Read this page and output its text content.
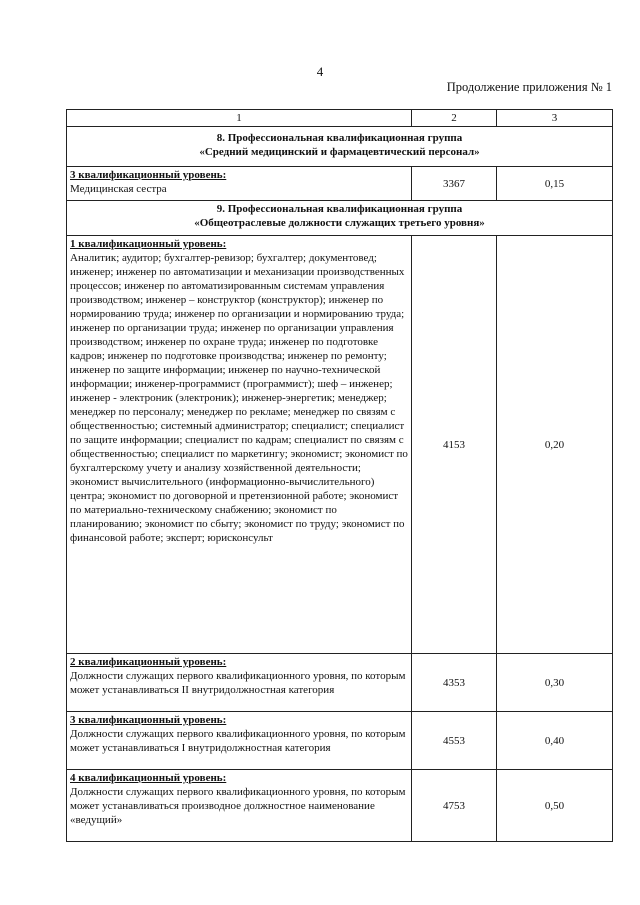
4
Продолжение приложения № 1
1	2	3

8. Профессиональная квалификационная группа
«Средний медицинский и фармацевтический персонал»		

3 квалификационный уровень:
Медицинская сестра	3367	0,15

9. Профессиональная квалификационная группа
«Общеотраслевые должности служащих третьего уровня»		

1 квалификационный уровень:
Аналитик; аудитор; бухгалтер-ревизор; бухгалтер; документовед; инженер; инженер по автоматизации и механизации производственных процессов; инженер по автоматизированным системам управления производством; инженер – конструктор (конструктор); инженер по нормированию труда; инженер по организации и нормированию труда; инженер по организации труда; инженер по организации управления производством; инженер по охране труда; инженер по подготовке кадров; инженер по подготовке производства; инженер по ремонту; инженер по защите информации; инженер по научно-технической информации; инженер-программист (программист); шеф – инженер; инженер - электроник (электроник); инженер-энергетик; менеджер; менеджер по персоналу; менеджер по рекламе; менеджер по связям с общественностью; системный администратор; специалист; специалист по защите информации; специалист по кадрам; специалист по связям с общественностью; специалист по маркетингу; экономист; экономист по бухгалтерскому учету и анализу хозяйственной деятельности; экономист вычислительного (информационно-вычислительного) центра; экономист по договорной и претензионной работе; экономист по материально-техническому снабжению; экономист по планированию; экономист по сбыту; экономист по труду; экономист по финансовой работе; эксперт; юрисконсульт	4153	0,20

2 квалификационный уровень:
Должности служащих первого квалификационного уровня, по которым может устанавливаться II внутридолжностная категория	4353	0,30

3 квалификационный уровень:
Должности служащих первого квалификационного уровня, по которым может устанавливаться I внутридолжностная категория	4553	0,40

4 квалификационный уровень:
Должности служащих первого квалификационного уровня, по которым может устанавливаться производное должностное наименование «ведущий»	4753	0,50
